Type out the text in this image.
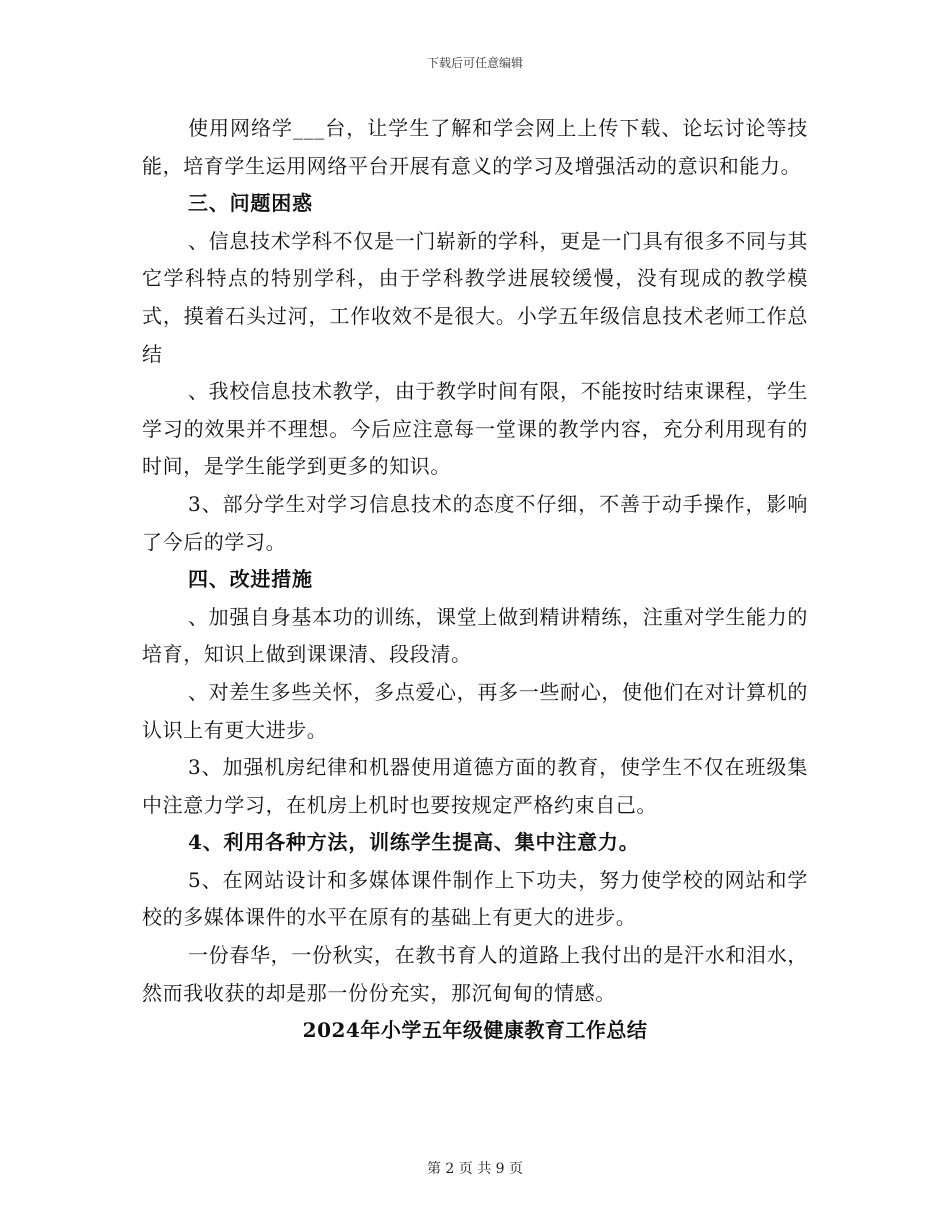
下载后可任意编辑

使用网络学___台，让学生了解和学会网上上传下载、论坛讨论等技能，培育学生运用网络平台开展有意义的学习及增强活动的意识和能力。

三、问题困惑

、信息技术学科不仅是一门崭新的学科，更是一门具有很多不同与其它学科特点的特别学科，由于学科教学进展较缓慢，没有现成的教学模式，摸着石头过河，工作收效不是很大。小学五年级信息技术老师工作总结

、我校信息技术教学，由于教学时间有限，不能按时结束课程，学生学习的效果并不理想。今后应注意每一堂课的教学内容，充分利用现有的时间，是学生能学到更多的知识。

3、部分学生对学习信息技术的态度不仔细，不善于动手操作，影响了今后的学习。

四、改进措施

、加强自身基本功的训练，课堂上做到精讲精练，注重对学生能力的培育，知识上做到课课清、段段清。

、对差生多些关怀，多点爱心，再多一些耐心，使他们在对计算机的认识上有更大进步。

3、加强机房纪律和机器使用道德方面的教育，使学生不仅在班级集中注意力学习，在机房上机时也要按规定严格约束自己。

4、利用各种方法，训练学生提高、集中注意力。

5、在网站设计和多媒体课件制作上下功夫，努力使学校的网站和学校的多媒体课件的水平在原有的基础上有更大的进步。

一份春华，一份秋实，在教书育人的道路上我付出的是汗水和泪水，然而我收获的却是那一份份充实，那沉甸甸的情感。

2024年小学五年级健康教育工作总结

第 2 页 共 9 页
